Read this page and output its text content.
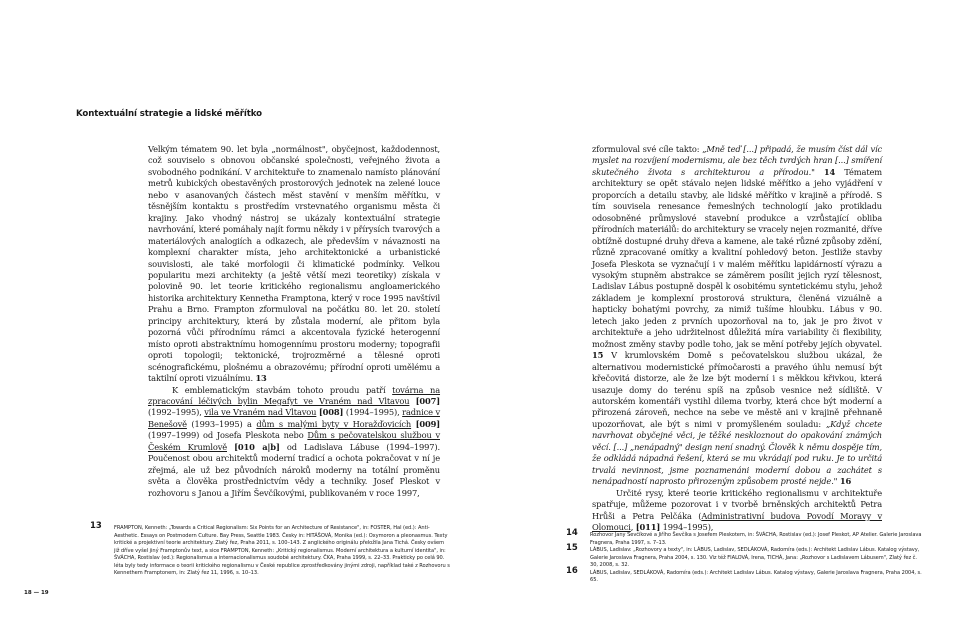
Kontextuální strategie a lidské měřítko

Velkým tématem 90. let byla „normálnost", obyčejnost, každodennost, což souviselo s obnovou občanské společnosti, veřejného života a svobodného podnikání. V architektuře to znamenalo namísto plánování metrů kubických obestavěných prostorových jednotek na zelené louce nebo v asanovaných částech měst stavění v menším měřítku, v těsnějším kontaktu s prostředím vrstevnatého organismu města či krajiny. Jako vhodný nástroj se ukázaly kontextuální strategie navrhování, které pomáhaly najít formu někdy i v přírysích tvarových a materiálových analogiích a odkazech, ale především v návaznosti na komplexní charakter místa, jeho architektonické a urbanistické souvislosti, ale také morfologii či klimatické podmínky. Velkou popularitu mezi architekty (a ještě větší mezi teoretiky) získala v polovině 90. let teorie kritického regionalismu angloamerického historika architektury Kennetha Framptona, který v roce 1995 navštívil Prahu a Brno. Frampton zformuloval na počátku 80. let 20. století principy architektury, která by zůstala moderní, ale přitom byla pozorná vůči přírodnímu rámci a akcentovala fyzické heterogenní místo oproti abstraktnímu homogennímu prostoru moderny; topografii oproti topologii; tektonické, trojrozměrné a tělesné oproti scénografickému, plošnému a obrazovému; přírodní oproti umělému a taktilní oproti vizuálnímu. 13

K emblematickým stavbám tohoto proudu patří továrna na zpracování léčivých bylin Megafyt ve Vraném nad Vltavou [007] (1992–1995), vila ve Vraném nad Vltavou [008] (1994–1995), radnice v Benešově (1993–1995) a dům s malými byty v Horažďovicích [009] (1997–1999) od Josefa Pleskota nebo Dům s pečovatelskou službou v Českém Krumlově [010 a|b] od Ladislava Lábuse (1994–1997). Poučenost obou architektů moderní tradicí a ochota pokračovat v ní je zřejmá, ale už bez původních nároků moderny na totální proměnu světa a člověka prostřednictvím vědy a techniky. Josef Pleskot v rozhovoru s Janou a Jiřím Ševčíkovými, publikovaném v roce 1997,

zformuloval své cíle takto: „Mně teď [...] připadá, že musím číst dál víc myslet na rozvíjení modernismu, ale bez těch tvrdých hran [...] smíření skutečného života s architekturou a přírodou." 14 Tématem architektury se opět stávalo nejen lidské měřítko a jeho vyjádření v proporcích a detailu stavby, ale lidské měřítko v krajině a přírodě. S tím souvisela renesance řemeslných technologií jako protikladu odosobněné průmyslové stavební produkce a vzrůstající obliba přírodních materiálů: do architektury se vracely nejen rozmanité, dříve obtížně dostupné druhy dřeva a kamene, ale také různé způsoby zdění, různě zpracované omítky a kvalitní pohledový beton. Jestliže stavby Josefa Pleskota se vyznačují i v malém měřítku lapidárností výrazu a vysokým stupněm abstrakce se záměrem posílit jejich ryzí tělesnost, Ladislav Lábus postupně dospěl k osobitému syntetickému stylu, jehož základem je komplexní prostorová struktura, členěná vizuálně a hapticky bohatými povrchy, za nimiž tušíme hloubku. Lábus v 90. letech jako jeden z prvních upozorňoval na to, jak je pro život v architektuře a jeho udržitelnost důležitá míra variability či flexibility, možnost změny stavby podle toho, jak se mění potřeby jejích obyvatel. 15 V krumlovském Domě s pečovatelskou službou ukázal, že alternativou modernistické přímočarosti a pravého úhlu nemusí být křečovitá distorze, ale že lze být moderní i s měkkou křivkou, která usazuje domy do terénu spíš na způsob vesnice než sídliště. V autorském komentáři vystihl dilema tvorby, která chce být moderní a přirozená zároveň, nechce na sebe ve městě ani v krajině přehnaně upozorňovat, ale být s nimi v promyšleném souladu: „Když chcete navrhovat obyčejné věci, je těžké neskloznout do opakování známých věcí. [...] „nenápadný" design není snadný. Člověk k němu dospěje tím, že odkládá nápadná řešení, která se mu vkrádají pod ruku. Je to určitá trvalá nevinnost, jsme poznamenáni moderní dobou a zachátet s nenápadností naprosto přirozeným způsobem prosté nejde." 16

Určité rysy, které teorie kritického regionalismu v architektuře spatřuje, můžeme pozorovat i v tvorbě brněnských architektů Petra Hrůši a Petra Pelčáka (Administrativní budova Povodí Moravy v Olomouci, [011] 1994–1995),

13 FRAMPTON, Kenneth: „Towards a Critical Regionalism: Six Points for an Architecture of Resistance", in: FOSTER, Hal (ed.): Anti-Aesthetic. Essays on Postmodern Culture. Bay Press, Seattle 1983. Česky in: HITÁŠOVÁ, Monika (ed.): Oxymoron a pleonasmus. Texty kritické a projektivní teorie architektury. Zlatý řez, Praha 2011, s. 100–143. Z anglického originálu přeložila Jana Tichá. Česky ovšem již dříve vyšel jiný Framptonův text, a sice FRAMPTON, Kenneth: „Kritický regionalismus. Moderní architektura a kulturní identita", in: ŠVÁCHA, Rostislav (ed.): Regionalismus a internacionalismus soudobé architektury. ČKA, Praha 1999, s. 22–33. Prakticky po celá 90. léta byly tedy informace o teorii kritického regionalismu v České republice zprostředkovány jinými zdroji, například také z Rozhovoru s Kennethem Framptonem, in: Zlatý řez 11, 1996, s. 10–13.
14 Rozhovor Jany Ševčíkové a Jiřího Ševčíka s Josefem Pleskotem, in: ŠVÁCHA, Rostislav (ed.): Josef Pleskot, AP Atelier. Galerie Jaroslava Fragnera, Praha 1997, s. 7–13.
15 LÁBUS, Ladislav: „Rozhovory a texty", in: LÁBUS, Ladislav, SEDLÁKOVÁ, Radomíra (eds.): Architekt Ladislav Lábus. Katalog výstavy, Galerie Jaroslava Fragnera, Praha 2004, s. 130. Viz též FIALOVÁ, Irena, TICHÁ, Jana: „Rozhovor s Ladislavem Lábusem", Zlatý řez č. 30, 2008, s. 32.
16 LÁBUS, Ladislav, SEDLÁKOVÁ, Radomíra (eds.): Architekt Ladislav Lábus. Katalog výstavy, Galerie Jaroslava Fragnera, Praha 2004, s. 65.
18 — 19
